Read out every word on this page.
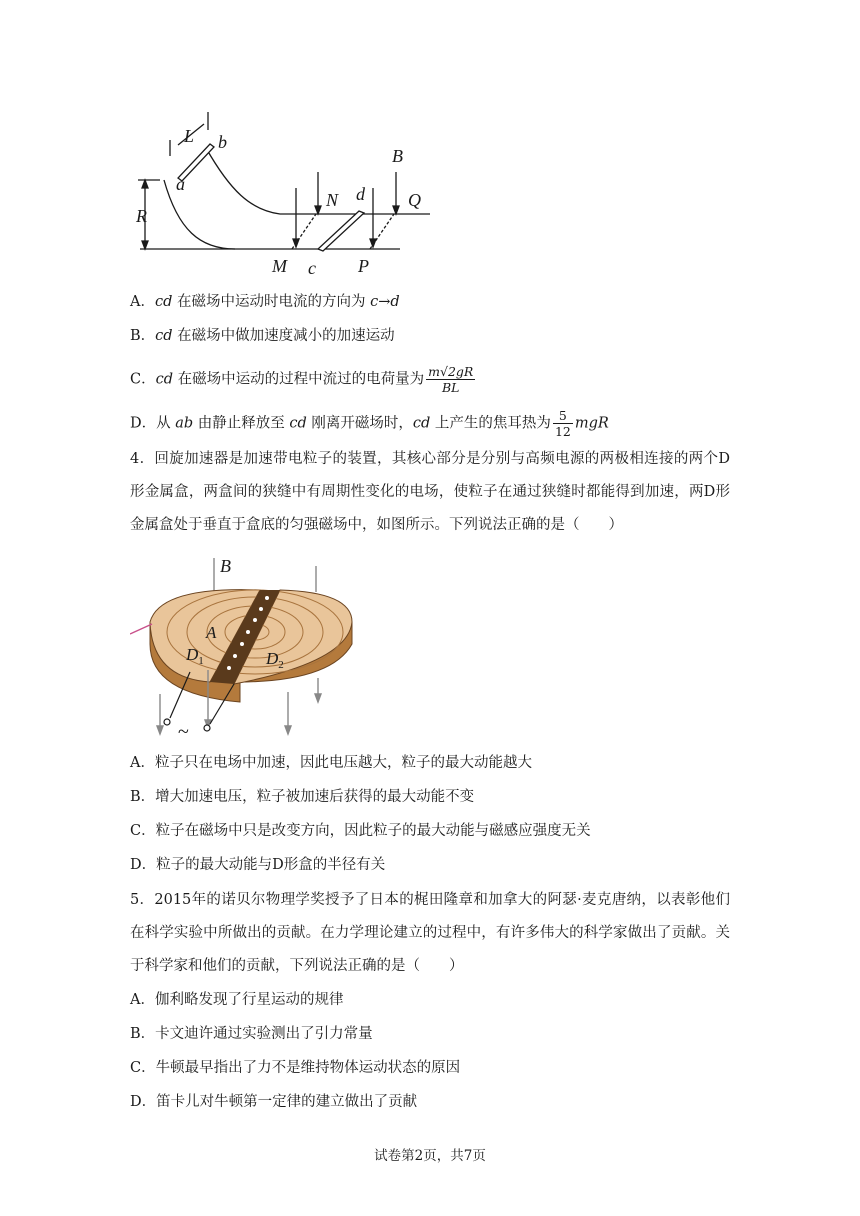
L b
a
R
B
N d Q
M c P
A．cd 在磁场中运动时电流的方向为 c→d
B．cd 在磁场中做加速度减小的加速运动
C．cd 在磁场中运动的过程中流过的电荷量为 $\frac{m√2gR}{BL}$
D．从 ab 由静止释放至 cd 刚离开磁场时，cd 上产生的焦耳热为 $\frac{5}{12}$ mgR
4．回旋加速器是加速带电粒子的装置，其核心部分是分别与高频电源的两极相连接的两个D形金属盒，两盒间的狭缝中有周期性变化的电场，使粒子在通过狭缝时都能得到加速，两D形金属盒处于垂直于盒底的匀强磁场中，如图所示。下列说法正确的是（　　）
B
A
$D_1$	$D_2$
~
A．粒子只在电场中加速，因此电压越大，粒子的最大动能越大
B．增大加速电压，粒子被加速后获得的最大动能不变
C．粒子在磁场中只是改变方向，因此粒子的最大动能与磁感应强度无关
D．粒子的最大动能与D形盒的半径有关
5．2015年的诺贝尔物理学奖授予了日本的梶田隆章和加拿大的阿瑟·麦克唐纳，以表彰他们在科学实验中所做出的贡献。在力学理论建立的过程中，有许多伟大的科学家做出了贡献。关于科学家和他们的贡献，下列说法正确的是（　　）
A．伽利略发现了行星运动的规律
B．卡文迪许通过实验测出了引力常量
C．牛顿最早指出了力不是维持物体运动状态的原因
D．笛卡儿对牛顿第一定律的建立做出了贡献
试卷第2页，共7页
